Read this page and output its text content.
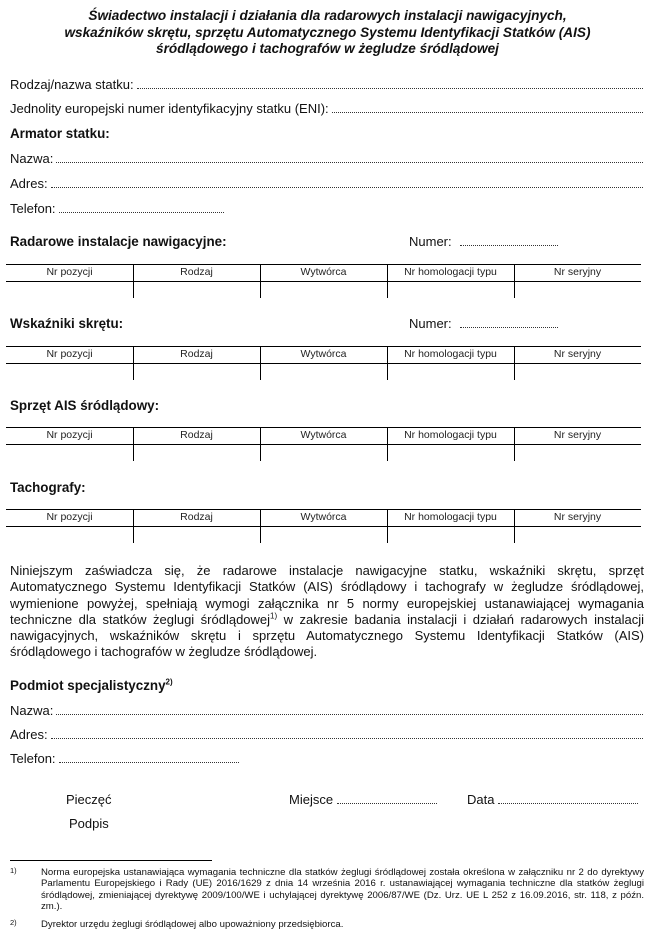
Świadectwo instalacji i działania dla radarowych instalacji nawigacyjnych,
wskaźników skrętu, sprzętu Automatycznego Systemu Identyfikacji Statków (AIS)
śródlądowego i tachografów w żegludze śródlądowej
Rodzaj/nazwa statku:
Jednolity europejski numer identyfikacyjny statku (ENI):
Armator statku:
Nazwa:
Adres:
Telefon:
Radarowe instalacje nawigacyjne:	Numer:
Nr pozycji	Rodzaj	Wytwórca	Nr homologacji typu	Nr seryjny
Wskaźniki skrętu:	Numer:
Nr pozycji	Rodzaj	Wytwórca	Nr homologacji typu	Nr seryjny
Sprzęt AIS śródlądowy:
Nr pozycji	Rodzaj	Wytwórca	Nr homologacji typu	Nr seryjny
Tachografy:
Nr pozycji	Rodzaj	Wytwórca	Nr homologacji typu	Nr seryjny
Niniejszym zaświadcza się, że radarowe instalacje nawigacyjne statku, wskaźniki skrętu, sprzęt Automatycznego Systemu Identyfikacji Statków (AIS) śródlądowy i tachografy w żegludze śródlądowej, wymienione powyżej, spełniają wymogi załącznika nr 5 normy europejskiej ustanawiającej wymagania techniczne dla statków żeglugi śródlądowej$^{1)}$ w zakresie badania instalacji i działań radarowych instalacji nawigacyjnych, wskaźników skrętu i sprzętu Automatycznego Systemu Identyfikacji Statków (AIS) śródlądowego i tachografów w żegludze śródlądowej.
Podmiot specjalistyczny$^{2)}$
Nazwa:
Adres:
Telefon:
Pieczęć
Podpis
Miejsce	Data
1)	Norma europejska ustanawiająca wymagania techniczne dla statków żeglugi śródlądowej została określona w załączniku nr 2 do dyrektywy Parlamentu Europejskiego i Rady (UE) 2016/1629 z dnia 14 września 2016 r. ustanawiającej wymagania techniczne dla statków żeglugi śródlądowej, zmieniającej dyrektywę 2009/100/WE i uchylającej dyrektywę 2006/87/WE (Dz. Urz. UE L 252 z 16.09.2016, str. 118, z późn. zm.).
2)	Dyrektor urzędu żeglugi śródlądowej albo upoważniony przedsiębiorca.
